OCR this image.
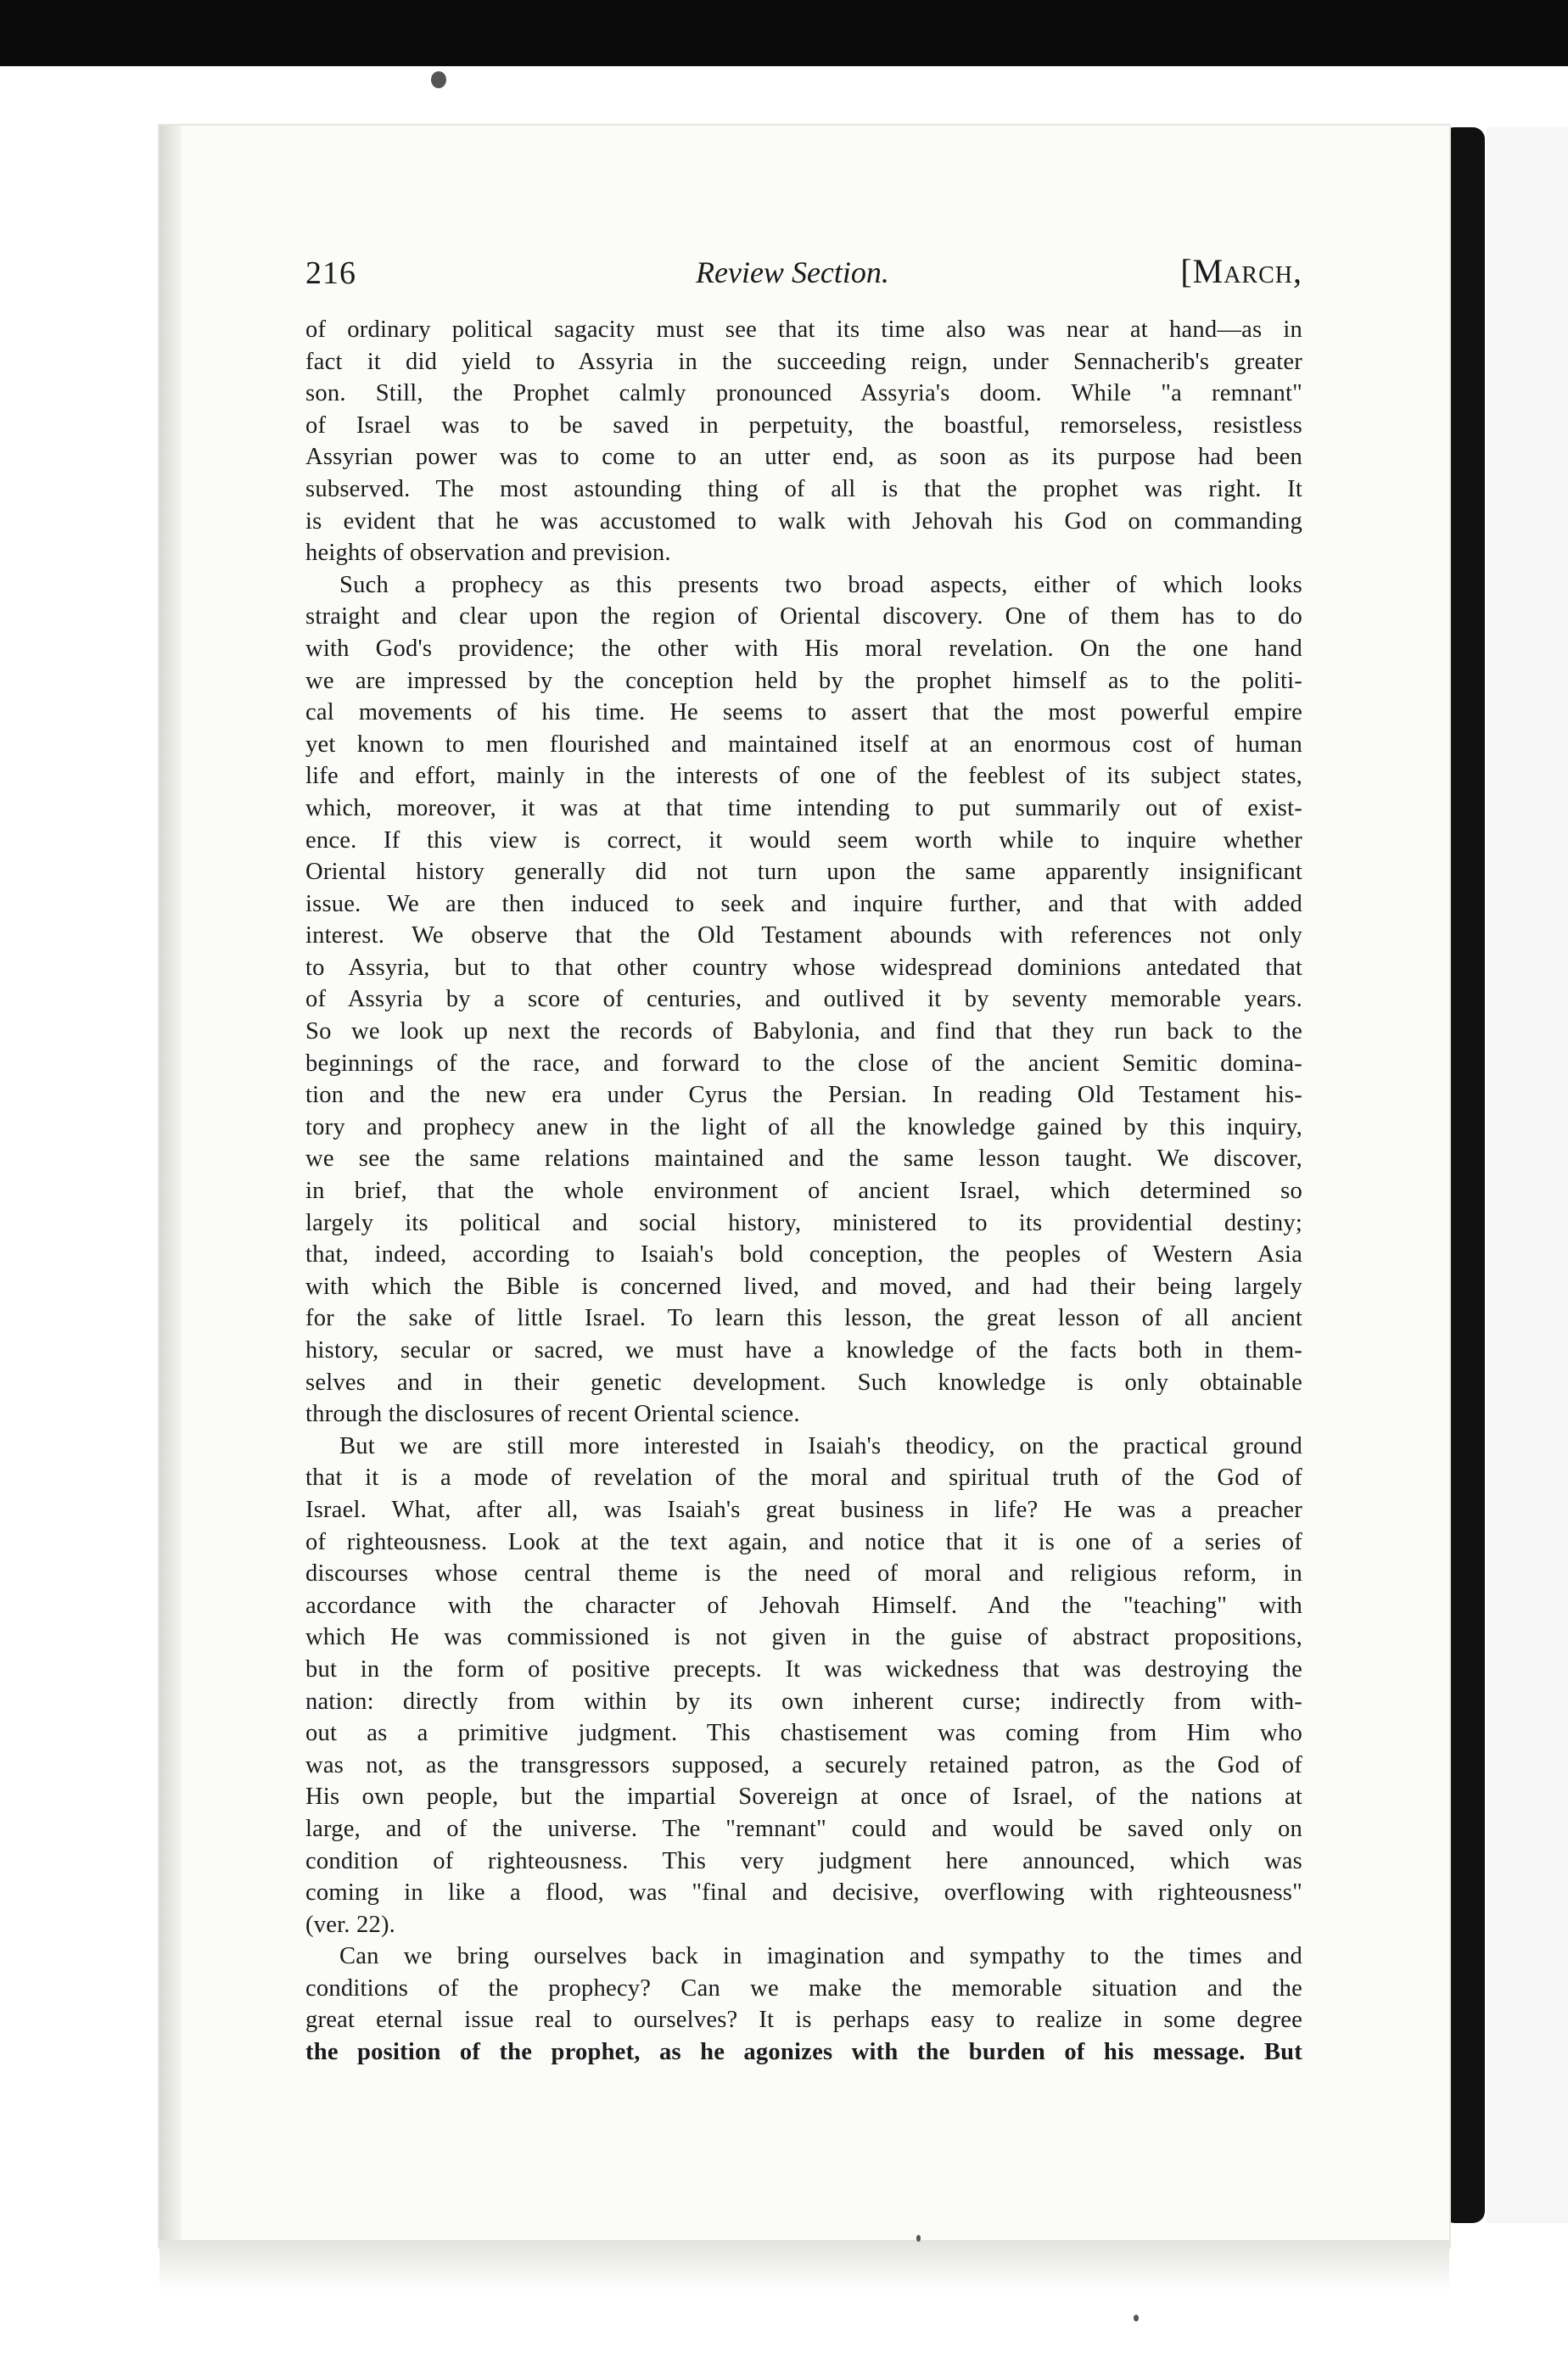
216	Review Section.	[March,
of ordinary political sagacity must see that its time also was near at hand—as in
fact it did yield to Assyria in the succeeding reign, under Sennacherib's greater
son. Still, the Prophet calmly pronounced Assyria's doom. While "a remnant"
of Israel was to be saved in perpetuity, the boastful, remorseless, resistless
Assyrian power was to come to an utter end, as soon as its purpose had been
subserved. The most astounding thing of all is that the prophet was right. It
is evident that he was accustomed to walk with Jehovah his God on commanding
heights of observation and prevision.
Such a prophecy as this presents two broad aspects, either of which looks
straight and clear upon the region of Oriental discovery. One of them has to do
with God's providence; the other with His moral revelation. On the one hand
we are impressed by the conception held by the prophet himself as to the politi-
cal movements of his time. He seems to assert that the most powerful empire
yet known to men flourished and maintained itself at an enormous cost of human
life and effort, mainly in the interests of one of the feeblest of its subject states,
which, moreover, it was at that time intending to put summarily out of exist-
ence. If this view is correct, it would seem worth while to inquire whether
Oriental history generally did not turn upon the same apparently insignificant
issue. We are then induced to seek and inquire further, and that with added
interest. We observe that the Old Testament abounds with references not only
to Assyria, but to that other country whose widespread dominions antedated that
of Assyria by a score of centuries, and outlived it by seventy memorable years.
So we look up next the records of Babylonia, and find that they run back to the
beginnings of the race, and forward to the close of the ancient Semitic domina-
tion and the new era under Cyrus the Persian. In reading Old Testament his-
tory and prophecy anew in the light of all the knowledge gained by this inquiry,
we see the same relations maintained and the same lesson taught. We discover,
in brief, that the whole environment of ancient Israel, which determined so
largely its political and social history, ministered to its providential destiny;
that, indeed, according to Isaiah's bold conception, the peoples of Western Asia
with which the Bible is concerned lived, and moved, and had their being largely
for the sake of little Israel. To learn this lesson, the great lesson of all ancient
history, secular or sacred, we must have a knowledge of the facts both in them-
selves and in their genetic development. Such knowledge is only obtainable
through the disclosures of recent Oriental science.
But we are still more interested in Isaiah's theodicy, on the practical ground
that it is a mode of revelation of the moral and spiritual truth of the God of
Israel. What, after all, was Isaiah's great business in life? He was a preacher
of righteousness. Look at the text again, and notice that it is one of a series of
discourses whose central theme is the need of moral and religious reform, in
accordance with the character of Jehovah Himself. And the "teaching" with
which He was commissioned is not given in the guise of abstract propositions,
but in the form of positive precepts. It was wickedness that was destroying the
nation: directly from within by its own inherent curse; indirectly from with-
out as a primitive judgment. This chastisement was coming from Him who
was not, as the transgressors supposed, a securely retained patron, as the God of
His own people, but the impartial Sovereign at once of Israel, of the nations at
large, and of the universe. The "remnant" could and would be saved only on
condition of righteousness. This very judgment here announced, which was
coming in like a flood, was "final and decisive, overflowing with righteousness"
(ver. 22).
Can we bring ourselves back in imagination and sympathy to the times and
conditions of the prophecy? Can we make the memorable situation and the
great eternal issue real to ourselves? It is perhaps easy to realize in some degree
the position of the prophet, as he agonizes with the burden of his message. But
